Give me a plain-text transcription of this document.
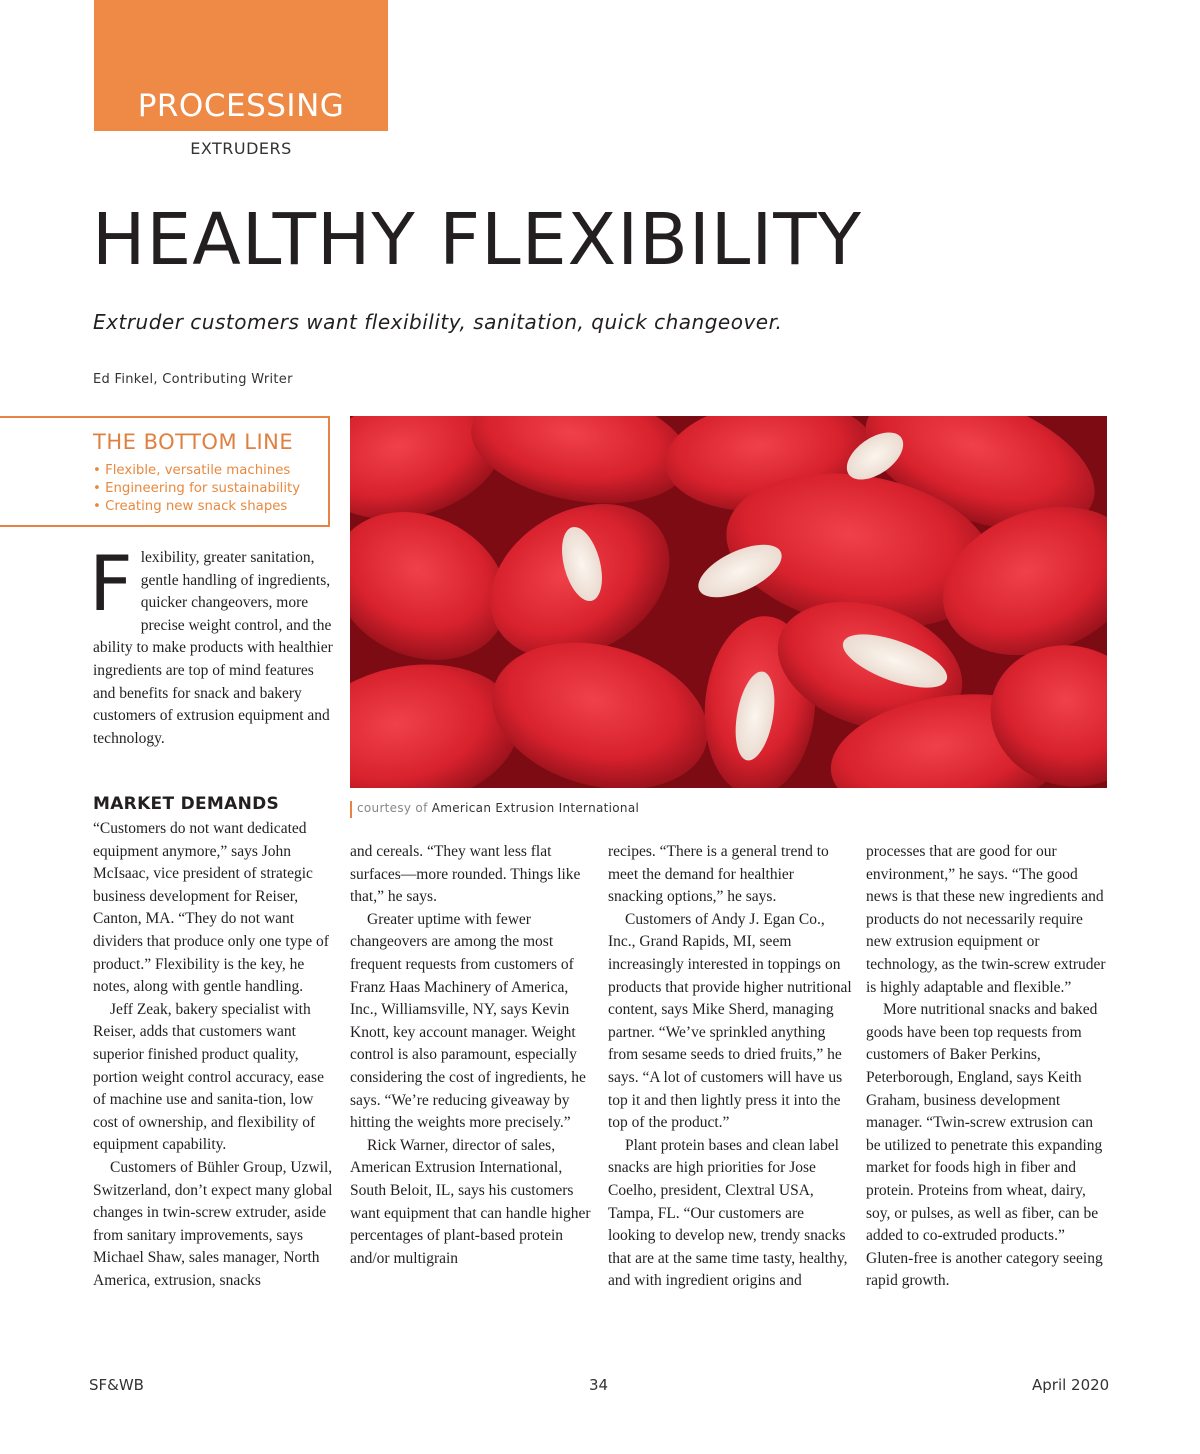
PROCESSING
EXTRUDERS
HEALTHY FLEXIBILITY
Extruder customers want flexibility, sanitation, quick changeover.
Ed Finkel, Contributing Writer
THE BOTTOM LINE
• Flexible, versatile machines
• Engineering for sustainability
• Creating new snack shapes
courtesy of American Extrusion International
Flexibility, greater sanitation, gentle handling of ingredients, quicker changeovers, more precise weight control, and the ability to make products with healthier ingredients are top of mind features and benefits for snack and bakery customers of extrusion equipment and technology.
MARKET DEMANDS

“Customers do not want dedicated equipment anymore,” says John McIsaac, vice president of strategic business development for Reiser, Canton, MA. “They do not want dividers that produce only one type of product.” Flexibility is the key, he notes, along with gentle handling.

Jeff Zeak, bakery specialist with Reiser, adds that customers want superior finished product quality, portion weight control accuracy, ease of machine use and sanita-tion, low cost of ownership, and flexibility of equipment capability.

Customers of Bühler Group, Uzwil, Switzerland, don’t expect many global changes in twin-screw extruder, aside from sanitary improvements, says Michael Shaw, sales manager, North America, extrusion, snacks

and cereals. “They want less flat surfaces—more rounded. Things like that,” he says.

Greater uptime with fewer changeovers are among the most frequent requests from customers of Franz Haas Machinery of America, Inc., Williamsville, NY, says Kevin Knott, key account manager. Weight control is also paramount, especially considering the cost of ingredients, he says. “We’re reducing giveaway by hitting the weights more precisely.”

Rick Warner, director of sales, American Extrusion International, South Beloit, IL, says his customers want equipment that can handle higher percentages of plant-based protein and/or multigrain

recipes. “There is a general trend to meet the demand for healthier snacking options,” he says.

Customers of Andy J. Egan Co., Inc., Grand Rapids, MI, seem increasingly interested in toppings on products that provide higher nutritional content, says Mike Sherd, managing partner. “We’ve sprinkled anything from sesame seeds to dried fruits,” he says. “A lot of customers will have us top it and then lightly press it into the top of the product.”

Plant protein bases and clean label snacks are high priorities for Jose Coelho, president, Clextral USA, Tampa, FL. “Our customers are looking to develop new, trendy snacks that are at the same time tasty, healthy, and with ingredient origins and

processes that are good for our environment,” he says. “The good news is that these new ingredients and products do not necessarily require new extrusion equipment or technology, as the twin-screw extruder is highly adaptable and flexible.”

More nutritional snacks and baked goods have been top requests from customers of Baker Perkins, Peterborough, England, says Keith Graham, business development manager. “Twin-screw extrusion can be utilized to penetrate this expanding market for foods high in fiber and protein. Proteins from wheat, dairy, soy, or pulses, as well as fiber, can be added to co-extruded products.” Gluten-free is another category seeing rapid growth.

SF&WB	34	April 2020
